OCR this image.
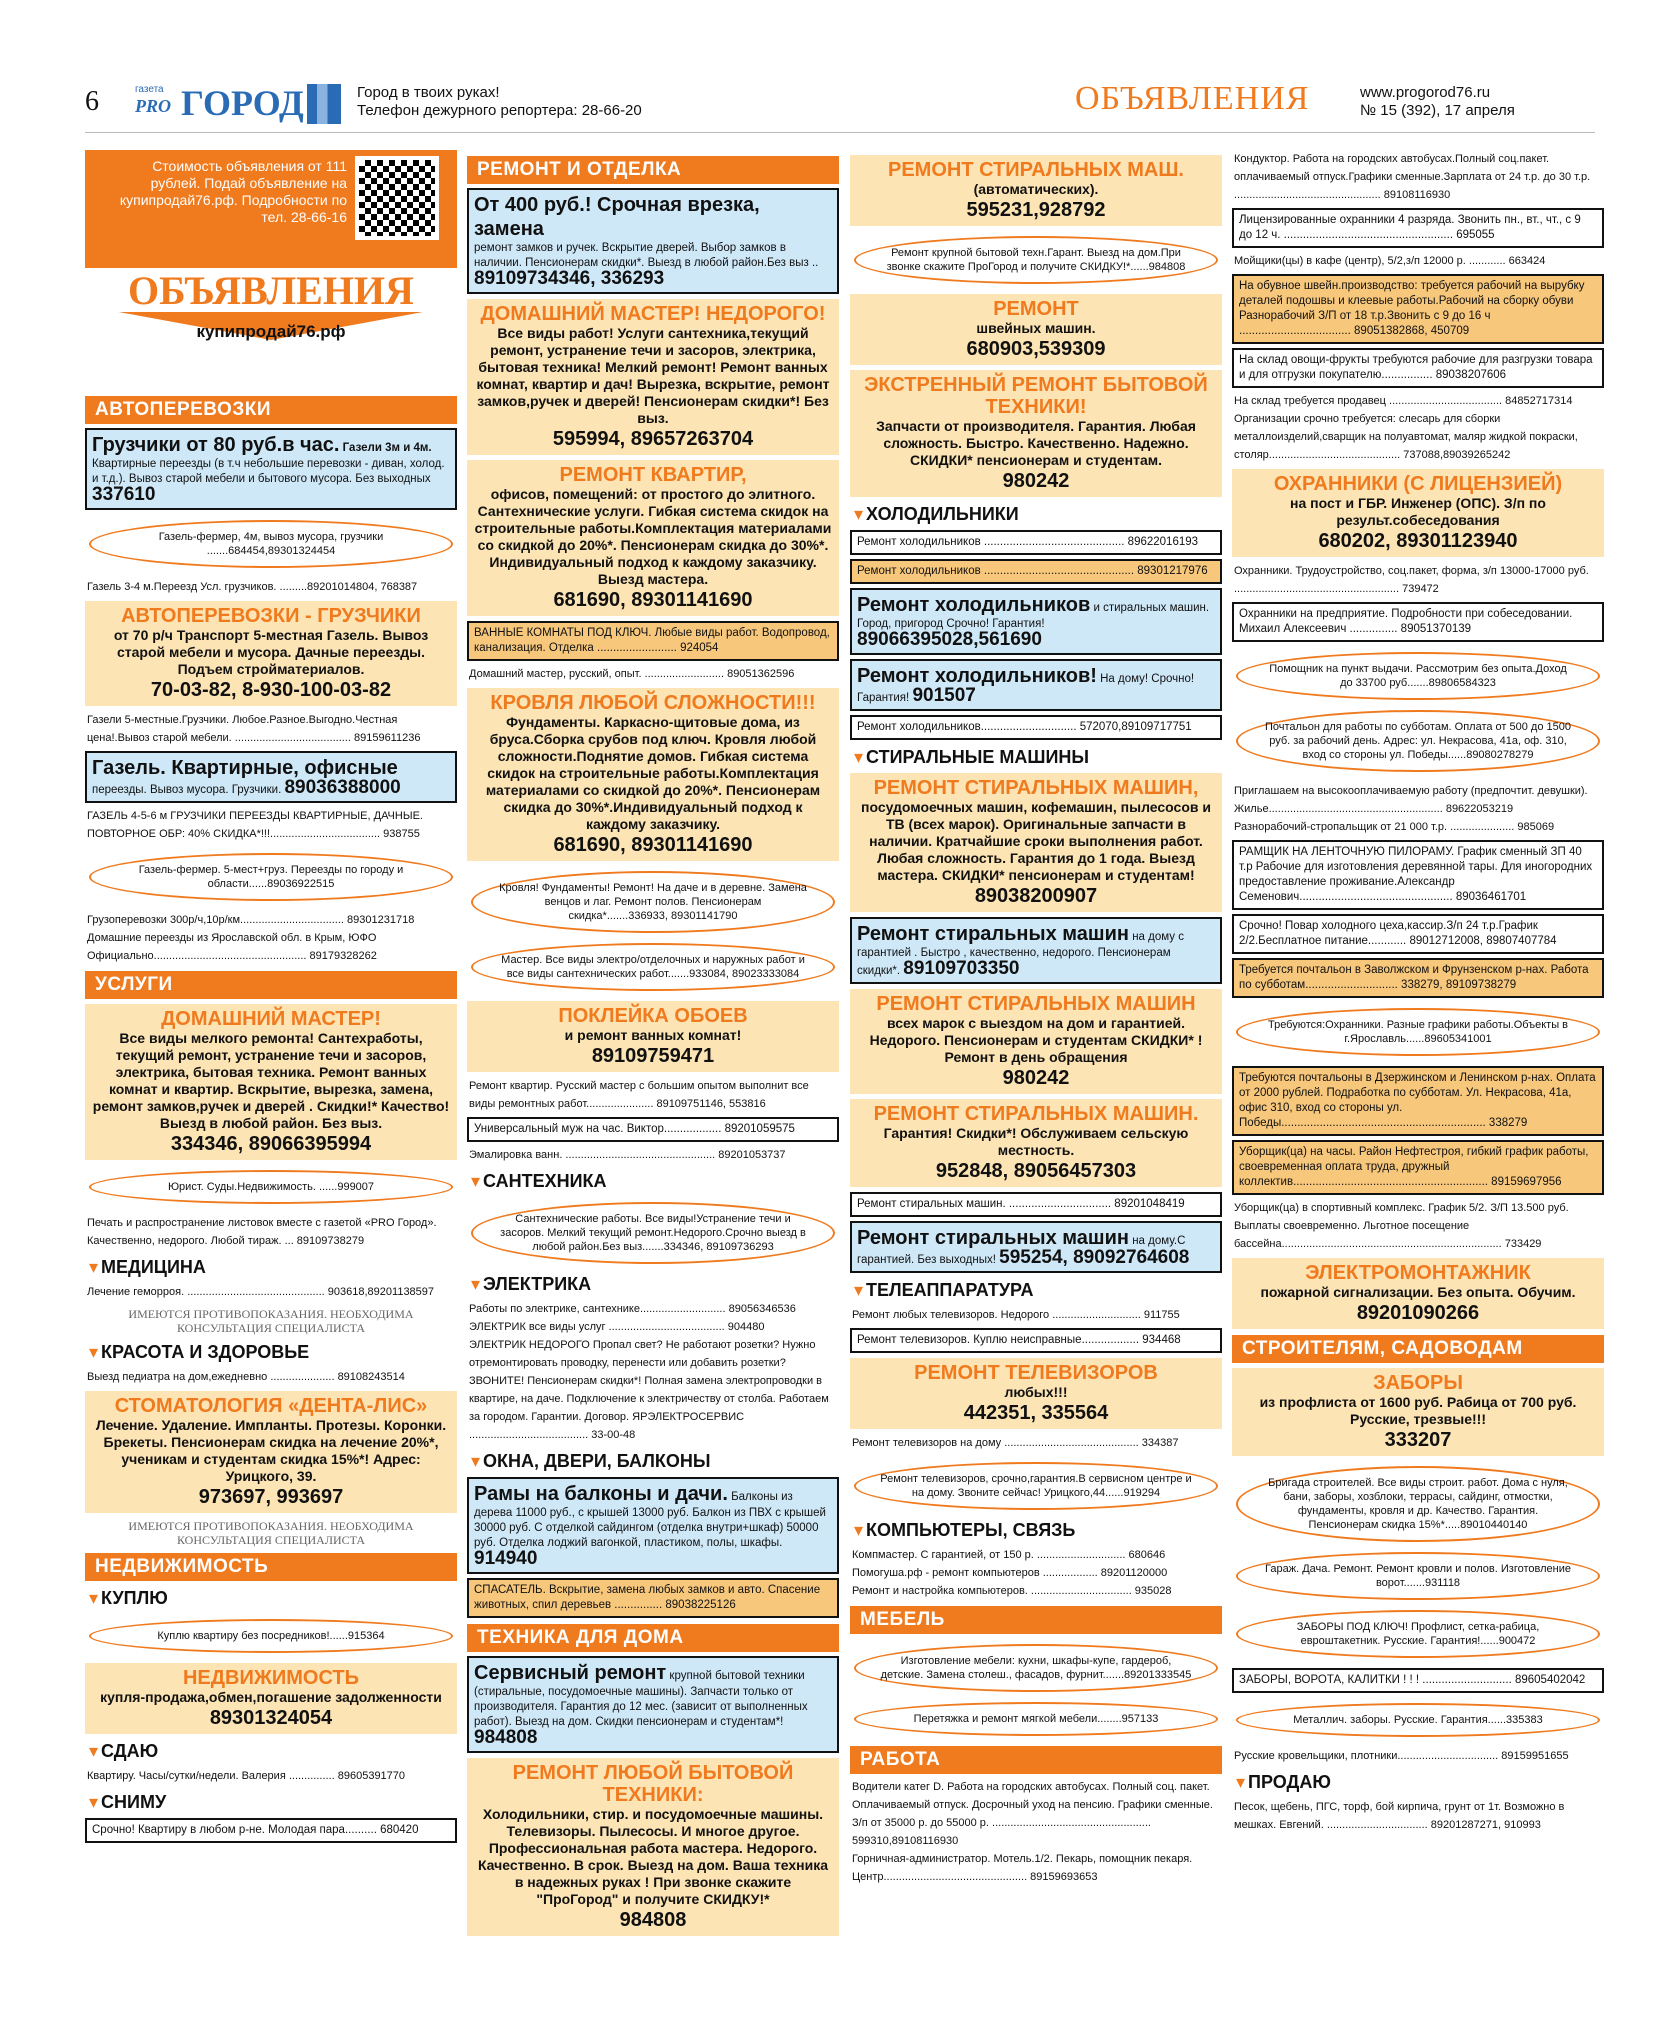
6	газета
PRO ГОРОД	Город в твоих руках!
Телефон дежурного репортера: 28-66-20	ОБЪЯВЛЕНИЯ	www.progorod76.ru
№ 15 (392), 17 апреля
Стоимость объявления от 111 рублей. Подай объявление на купипродай76.рф. Подробности по тел. 28-66-16
ОБЪЯВЛЕНИЯ
купипродай76.рф
АВТОПЕРЕВОЗКИ
Грузчики от 80 руб.в час. Газели 3м и 4м.
Квартирные переезды (в т.ч небольшие перевозки - диван, холод. и т.д.). Вывоз старой мебели и бытового мусора. Без выходных 337610
Газель-фермер, 4м, вывоз мусора, грузчики .......684454,89301324454
Газель 3-4 м.Переезд Усл. грузчиков. .........89201014804, 768387
АВТОПЕРЕВОЗКИ - ГРУЗЧИКИ
от 70 р/ч Транспорт 5-местная Газель. Вывоз старой мебели и мусора. Дачные переезды. Подъем стройматериалов.
70-03-82, 8-930-100-03-82
Газели 5-местные.Грузчики. Любое.Разное.Выгодно.Честная цена!.Вывоз старой мебели. ...................................... 89159611236
Газель. Квартирные, офисные
переезды. Вывоз мусора. Грузчики. 89036388000
ГАЗЕЛЬ 4-5-6 м ГРУЗЧИКИ ПЕРЕЕЗДЫ КВАРТИРНЫЕ, ДАЧНЫЕ. ПОВТОРНОЕ ОБР: 40% СКИДКА*!!!.................................... 938755
Газель-фермер. 5-мест+груз. Переезды по городу и области......89036922515
Грузоперевозки 300р/ч,10р/км.................................. 89301231718
Домашние переезды из Ярославской обл. в Крым, ЮФО Официально.................................................. 89179328262
УСЛУГИ
ДОМАШНИЙ МАСТЕР!
Все виды мелкого ремонта! Сантехработы, текущий ремонт, устранение течи и засоров, электрика, бытовая техника. Ремонт ванных комнат и квартир. Вскрытие, вырезка, замена, ремонт замков,ручек и дверей . Скидки!* Качество! Выезд в любой район. Без выз.
334346, 89066395994
Юрист. Суды.Недвижимость. ......999007
Печать и распространение листовок вместе с газетой «PRO Город». Качественно, недорого. Любой тираж. ... 89109738279
▾ МЕДИЦИНА
Лечение геморроя. ............................................. 903618,89201138597
ИМЕЮТСЯ ПРОТИВОПОКАЗАНИЯ. НЕОБХОДИМА КОНСУЛЬТАЦИЯ СПЕЦИАЛИСТА
▾ КРАСОТА И ЗДОРОВЬЕ
Выезд педиатра на дом,ежедневно ..................... 89108243514
СТОМАТОЛОГИЯ «ДЕНТА-ЛИС»
Лечение. Удаление. Импланты. Протезы. Коронки. Брекеты. Пенсионерам скидка на лечение 20%*, ученикам и студентам скидка 15%*! Адрес: Урицкого, 39.
973697, 993697
ИМЕЮТСЯ ПРОТИВОПОКАЗАНИЯ. НЕОБХОДИМА КОНСУЛЬТАЦИЯ СПЕЦИАЛИСТА
НЕДВИЖИМОСТЬ
▾ КУПЛЮ
Куплю квартиру без посредников!......915364
НЕДВИЖИМОСТЬ
купля-продажа,обмен,погашение задолженности
89301324054
▾ СДАЮ
Квартиру. Часы/сутки/недели. Валерия ............... 89605391770
▾ СНИМУ
Срочно! Квартиру в любом р-не. Молодая пара.......... 680420
РЕМОНТ И ОТДЕЛКА
От 400 руб.! Срочная врезка, замена
ремонт замков и ручек. Вскрытие дверей. Выбор замков в наличии. Пенсионерам скидки*. Выезд в любой район.Без выз .. 89109734346, 336293
ДОМАШНИЙ МАСТЕР! НЕДОРОГО!
Все виды работ! Услуги сантехника,текущий ремонт, устранение течи и засоров, электрика, бытовая техника! Мелкий ремонт! Ремонт ванных комнат, квартир и дач! Вырезка, вскрытие, ремонт замков,ручек и дверей! Пенсионерам скидки*! Без выз.
595994, 89657263704
РЕМОНТ КВАРТИР,
офисов, помещений: от простого до элитного. Сантехнические услуги. Гибкая система скидок на строительные работы.Комплектация материалами со скидкой до 20%*. Пенсионерам скидка до 30%*. Индивидуальный подход к каждому заказчику. Выезд мастера.
681690, 89301141690
ВАННЫЕ КОМНАТЫ ПОД КЛЮЧ. Любые виды работ. Водопровод, канализация. Отделка ......................... 924054
Домашний мастер, русский, опыт. .......................... 89051362596
КРОВЛЯ ЛЮБОЙ СЛОЖНОСТИ!!!
Фундаменты. Каркасно-щитовые дома, из бруса.Сборка срубов под ключ. Кровля любой сложности.Поднятие домов. Гибкая система скидок на строительные работы.Комплектация материалами со скидкой до 20%*. Пенсионерам скидка до 30%*.Индивидуальный подход к каждому заказчику.
681690, 89301141690
Кровля! Фундаменты! Ремонт! На даче и в деревне. Замена венцов и лаг. Ремонт полов. Пенсионерам скидка*.......336933, 89301141790
Мастер. Все виды электро/отделочных и наружных работ и все виды сантехнических работ.......933084, 89023333084
ПОКЛЕЙКА ОБОЕВ
и ремонт ванных комнат!
89109759471
Ремонт квартир. Русский мастер с большим опытом выполнит все виды ремонтных работ...................... 89109751146, 553816
Универсальный муж на час. Виктор.................. 89201059575
Эмалировка ванн. ................................................. 89201053737
▾ САНТЕХНИКА
Сантехнические работы. Все виды!Устранение течи и засоров. Мелкий текущий ремонт.Недорого.Срочно выезд в любой район.Без выз.......334346, 89109736293
▾ ЭЛЕКТРИКА
Работы по электрике, сантехнике............................ 89056346536
ЭЛЕКТРИК все виды услуг ...................................... 904480
ЭЛЕКТРИК НЕДОРОГО Пропал свет? Не работают розетки? Нужно отремонтировать проводку, перенести или добавить розетки? ЗВОНИТЕ! Пенсионерам скидки*! Полная замена электропроводки в квартире, на даче. Подключение к электричеству от столба. Работаем за городом. Гарантии. Договор. ЯРЭЛЕКТРОСЕРВИС ....................................... 33-00-48
▾ ОКНА, ДВЕРИ, БАЛКОНЫ
Рамы на балконы и дачи. Балконы из дерева 11000 руб., с крышей 13000 руб. Балкон из ПВХ с крышей 30000 руб. С отделкой сайдингом (отделка внутри+шкаф) 50000 руб. Отделка лоджий вагонкой, пластиком, полы, шкафы. 914940
СПАСАТЕЛЬ. Вскрытие, замена любых замков и авто. Спасение животных, спил деревьев ............... 89038225126
ТЕХНИКА ДЛЯ ДОМА
Сервисный ремонт крупной бытовой техники (стиральные, посудомоечные машины). Запчасти только от производителя. Гарантия до 12 мес. (зависит от выполненных работ). Выезд на дом. Скидки пенсионерам и студентам*! 984808
РЕМОНТ ЛЮБОЙ БЫТОВОЙ ТЕХНИКИ:
Холодильники, стир. и посудомоечные машины. Телевизоры. Пылесосы. И многое другое. Профессиональная работа мастера. Недорого. Качественно. В срок. Выезд на дом. Ваша техника в надежных руках ! При звонке скажите "ПроГород" и получите СКИДКУ!*
984808
РЕМОНТ СТИРАЛЬНЫХ МАШ.
(автоматических).
595231,928792
Ремонт крупной бытовой техн.Гарант. Выезд на дом.При звонке скажите ПроГород и получите СКИДКУ!*......984808
РЕМОНТ
швейных машин.
680903,539309
ЭКСТРЕННЫЙ РЕМОНТ БЫТОВОЙ ТЕХНИКИ!
Запчасти от производителя. Гарантия. Любая сложность. Быстро. Качественно. Надежно. СКИДКИ* пенсионерам и студентам.
980242
▾ ХОЛОДИЛЬНИКИ
Ремонт холодильников ............................................ 89622016193
Ремонт холодильников ............................................... 89301217976
Ремонт холодильников и стиральных машин. Город, пригород Срочно! Гарантия! 89066395028,561690
Ремонт холодильников! На дому! Срочно! Гарантия! 901507
Ремонт холодильников.............................. 572070,89109717751
▾ СТИРАЛЬНЫЕ МАШИНЫ
РЕМОНТ СТИРАЛЬНЫХ МАШИН,
посудомоечных машин, кофемашин, пылесосов и ТВ (всех марок). Оригинальные запчасти в наличии. Кратчайшие сроки выполнения работ. Любая сложность. Гарантия до 1 года. Выезд мастера. СКИДКИ* пенсионерам и студентам!
89038200907
Ремонт стиральных машин на дому с гарантией . Быстро , качественно, недорого. Пенсионерам скидки*. 89109703350
РЕМОНТ СТИРАЛЬНЫХ МАШИН
всех марок с выездом на дом и гарантией. Недорого. Пенсионерам и студентам СКИДКИ* ! Ремонт в день обращения
980242
РЕМОНТ СТИРАЛЬНЫХ МАШИН.
Гарантия! Скидки*! Обслуживаем сельскую местность.
952848, 89056457303
Ремонт стиральных машин. ................................ 89201048419
Ремонт стиральных машин на дому.С гарантией. Без выходных! 595254, 89092764608
▾ ТЕЛЕАППАРАТУРА
Ремонт любых телевизоров. Недорого ............................. 911755
Ремонт телевизоров. Куплю неисправные.................. 934468
РЕМОНТ ТЕЛЕВИЗОРОВ
любых!!!
442351, 335564
Ремонт телевизоров на дому ............................................ 334387
Ремонт телевизоров, срочно,гарантия.В сервисном центре и на дому. Звоните сейчас! Урицкого,44......919294
▾ КОМПЬЮТЕРЫ, СВЯЗЬ
Компмастер. С гарантией, от 150 р. ............................. 680646
Помогуша.рф - ремонт компьютеров .................. 89201120000
Ремонт и настройка компьютеров. ................................. 935028
МЕБЕЛЬ
Изготовление мебели: кухни, шкафы-купе, гардероб, детские. Замена столеш., фасадов, фурнит.......89201333545
Перетяжка и ремонт мягкой мебели........957133
РАБОТА
Водители катег D. Работа на городских автобусах. Полный соц. пакет. Оплачиваемый отпуск. Досрочный уход на пенсию. Графики сменные. З/п от 35000 р. до 55000 р. .................................................... 599310,89108116930
Горничная-администратор. Мотель.1/2. Пекарь, помощник пекаря. Центр............................................... 89159693653
Кондуктор. Работа на городских автобусах.Полный соц.пакет. оплачиваемый отпуск.Графики сменные.Зарплата от 24 т.р. до 30 т.р. ................................................ 89108116930
Лицензированные охранники 4 разряда. Звонить пн., вт., чт., с 9 до 12 ч. ..................................................... 695055
Мойщики(цы) в кафе (центр), 5/2,з/п 12000 р. ............ 663424
На обувное швейн.производство: требуется рабочий на вырубку деталей подошвы и клеевые работы.Рабочий на сборку обуви Разнорабочий З/П от 18 т.р.Звонить с 9 до 16 ч ................................... 89051382868, 450709
На склад овощи-фрукты требуются рабочие для разгрузки товара и для отгрузки покупателю................ 89038207606
На склад требуется продавец ..................................... 84852717314
Организации срочно требуется: слесарь для сборки металлоизделий,сварщик на полуавтомат, маляр жидкой покраски, столяр........................................... 737088,89039265242
ОХРАННИКИ (С ЛИЦЕНЗИЕЙ)
на пост и ГБР. Инженер (ОПС). З/п по результ.собеседования
680202, 89301123940
Охранники. Трудоустройство, соц.пакет, форма, з/п 13000-17000 руб. ...................................................... 739472
Охранники на предприятие. Подробности при собеседовании. Михаил Алексеевич ............... 89051370139
Помощник на пункт выдачи. Рассмотрим без опыта.Доход до 33700 руб.......89806584323
Почтальон для работы по субботам. Оплата от 500 до 1500 руб. за рабочий день. Адрес: ул. Некрасова, 41а, оф. 310, вход со стороны ул. Победы......89080278279
Приглашаем на высокооплачиваемую работу (предпочтит. девушки). Жилье......................................................... 89622053219
Разнорабочий-стропальщик от 21 000 т.р. ..................... 985069
РАМЩИК НА ЛЕНТОЧНУЮ ПИЛОРАМУ. График сменный ЗП 40 т.р Рабочие для изготовления деревянной тары. Для иногородних предоставление проживание.Александр Семенович................................................ 89036461701
Срочно! Повар холодного цеха,кассир.З/п 24 т.р.График 2/2.Бесплатное питание............ 89012712008, 89807407784
Требуется почтальон в Заволжском и Фрунзенском р-нах. Работа по субботам............................. 338279, 89109738279
Требуются:Охранники. Разные графики работы.Объекты в г.Ярославль......89605341001
Требуются почтальоны в Дзержинском и Ленинском р-нах. Оплата от 2000 рублей. Подработка по субботам. Ул. Некрасова, 41а, офис 310, вход со стороны ул. Победы................................................................ 338279
Уборщик(ца) на часы. Район Нефтестроя, гибкий график работы, своевременная оплата труда, дружный коллектив............................................................. 89159697956
Уборщик(ца) в спортивный комплекс. График 5/2. З/П 13.500 руб. Выплаты своевременно. Льготное посещение бассейна........................................................................ 733429
ЭЛЕКТРОМОНТАЖНИК
пожарной сигнализации. Без опыта. Обучим.
89201090266
СТРОИТЕЛЯМ, САДОВОДАМ
ЗАБОРЫ
из профлиста от 1600 руб. Рабица от 700 руб. Русские, трезвые!!!
333207
Бригада строителей. Все виды строит. работ. Дома с нуля, бани, заборы, хозблоки, террасы, сайдинг, отмостки, фундаменты, кровля и др. Качество. Гарантия. Пенсионерам скидка 15%*.....89010440140
Гараж. Дача. Ремонт. Ремонт кровли и полов. Изготовление ворот.......931118
ЗАБОРЫ ПОД КЛЮЧ! Профлист, сетка-рабица, евроштакетник. Русские. Гарантия!......900472
ЗАБОРЫ, ВОРОТА, КАЛИТКИ ! ! ! ............................ 89605402042
Металлич. заборы. Русские. Гарантия......335383
Русские кровельщики, плотники................................. 89159951655
▾ ПРОДАЮ
Песок, щебень, ПГС, торф, бой кирпича, грунт от 1т. Возможно в мешках. Евгений. ................................. 89201287271, 910993
